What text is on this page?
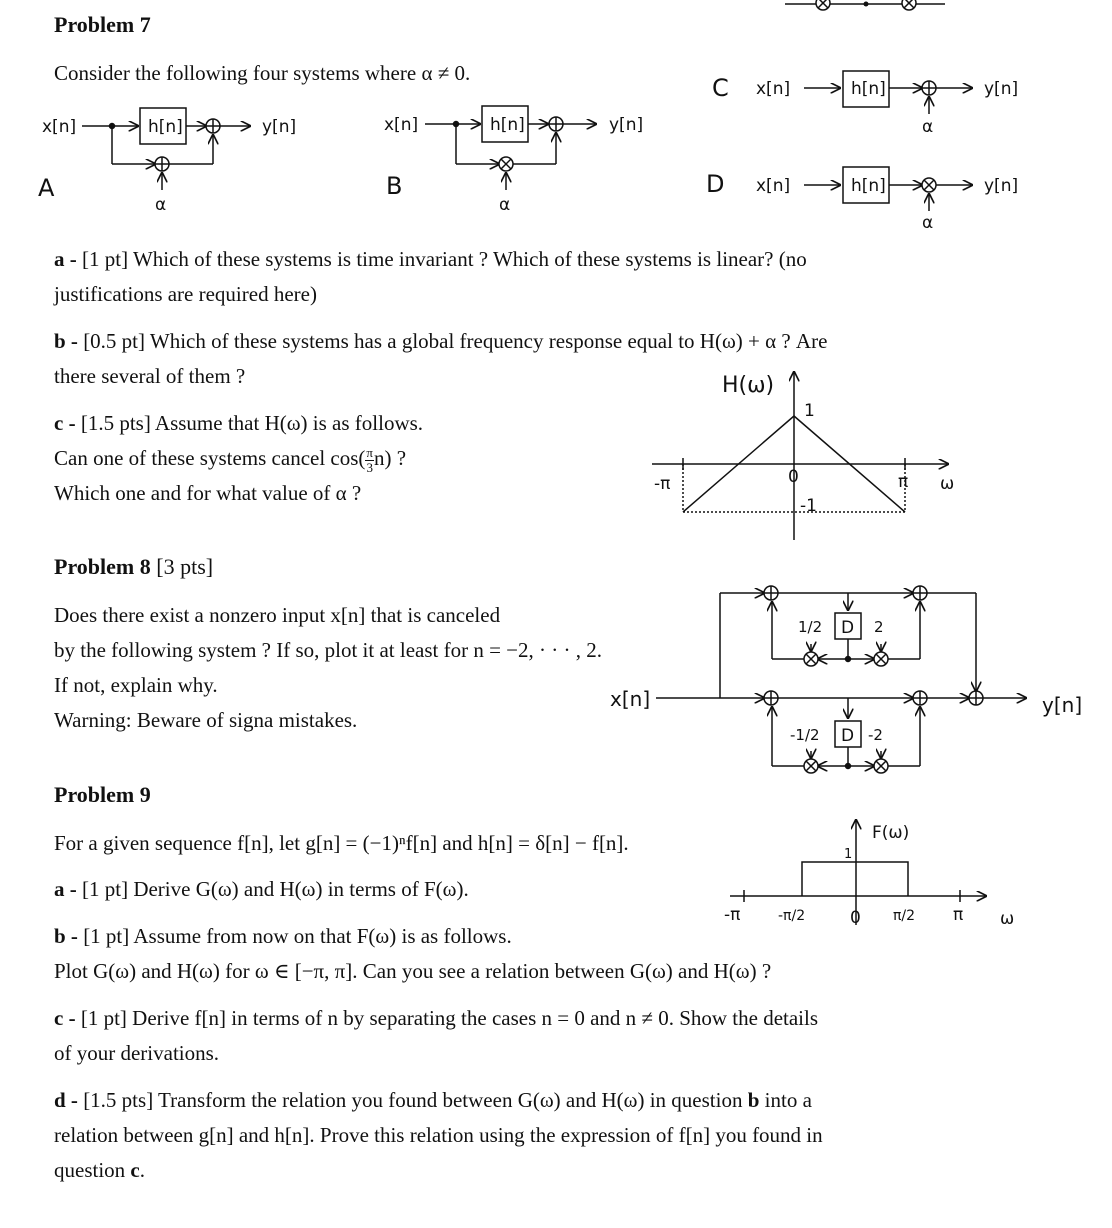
Problem 7
Consider the following four systems where α ≠ 0.
x[n]	h[n]	y[n]
α
A
x[n]	h[n]	y[n]
α
B
C x[n]	h[n]	y[n]
α
D x[n]	h[n]	y[n]
α
a - [1 pt] Which of these systems is time invariant ? Which of these systems is linear? (no
justifications are required here)
b - [0.5 pt] Which of these systems has a global frequency response equal to H(ω) + α ? Are
there several of them ?
c - [1.5 pts] Assume that H(ω) is as follows.
Can one of these systems cancel $\cos( \frac{\pi}{3} n)$ ?
Which one and for what value of α ?
H(ω)
1
-1
-π	0	π ω
Problem 8 [3 pts]
Does there exist a nonzero input x[n] that is canceled
by the following system ? If so, plot it at least for n = −2, · · · , 2.
If not, explain why.
Warning: Beware of signa mistakes.
x[n]	y[n]
D
D
1/2	2
-1/2	-2
Problem 9
For a given sequence f[n], let g[n] = (−1)ⁿf[n] and h[n] = δ[n] − f[n].
a - [1 pt] Derive G(ω) and H(ω) in terms of F(ω).
b - [1 pt] Assume from now on that F(ω) is as follows.
Plot G(ω) and H(ω) for ω ∈ [−π, π]. Can you see a relation between G(ω) and H(ω) ?
c - [1 pt] Derive f[n] in terms of n by separating the cases n = 0 and n ≠ 0. Show the details
of your derivations.
d - [1.5 pts] Transform the relation you found between G(ω) and H(ω) in question b into a
relation between g[n] and h[n]. Prove this relation using the expression of f[n] you found in
question c.
F(ω)
1
-π	-π/2	0 π/2 π ω
